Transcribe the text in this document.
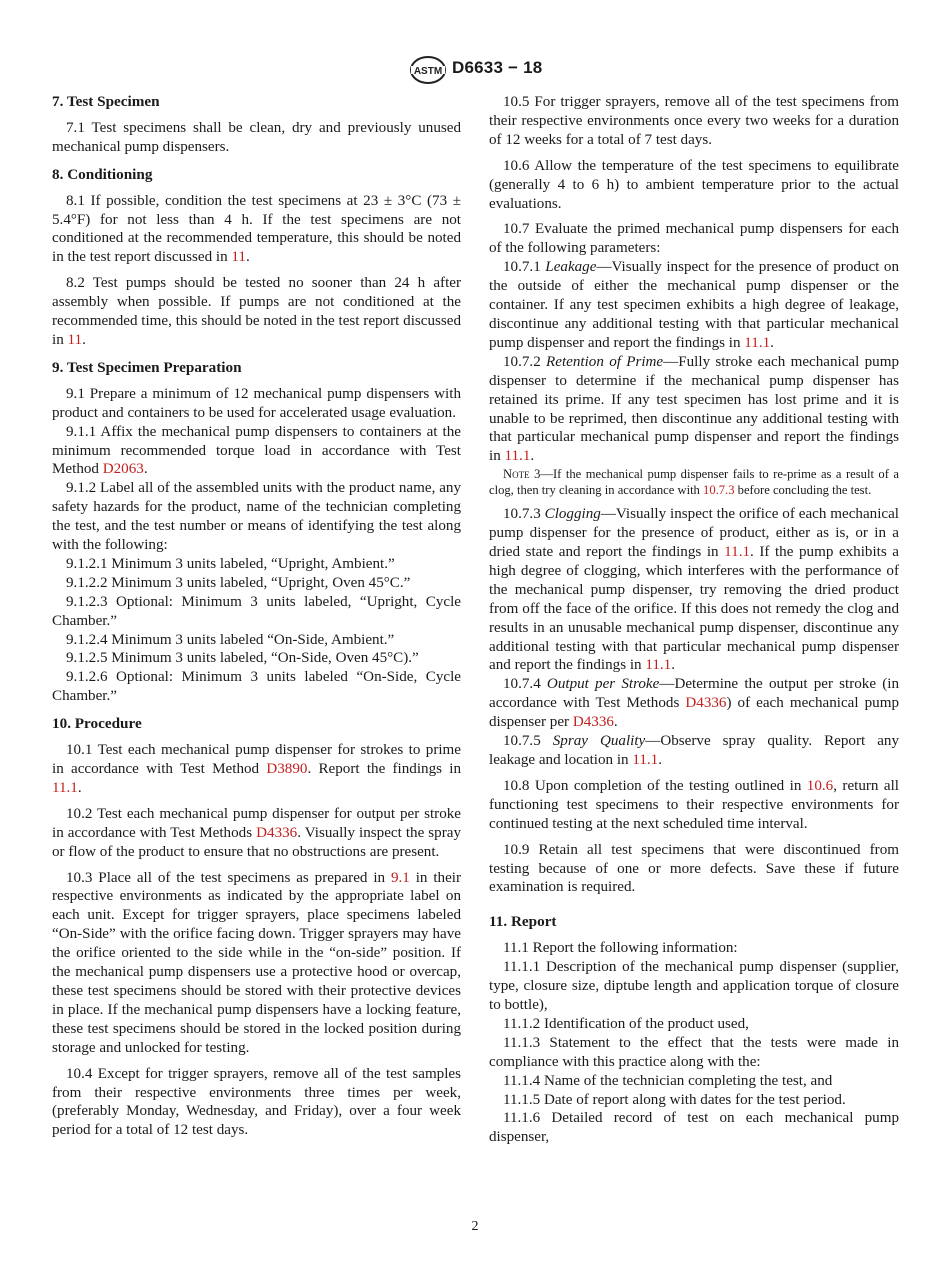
ASTM D6633 − 18

7. Test Specimen

7.1 Test specimens shall be clean, dry and previously unused mechanical pump dispensers.

8. Conditioning

8.1 If possible, condition the test specimens at 23 ± 3°C (73 ± 5.4°F) for not less than 4 h. If the test specimens are not conditioned at the recommended temperature, this should be noted in the test report discussed in 11.

8.2 Test pumps should be tested no sooner than 24 h after assembly when possible. If pumps are not conditioned at the recommended time, this should be noted in the test report discussed in 11.

9. Test Specimen Preparation

9.1 Prepare a minimum of 12 mechanical pump dispensers with product and containers to be used for accelerated usage evaluation.

9.1.1 Affix the mechanical pump dispensers to containers at the minimum recommended torque load in accordance with Test Method D2063.

9.1.2 Label all of the assembled units with the product name, any safety hazards for the product, name of the technician completing the test, and the test number or means of identifying the test along with the following:

9.1.2.1 Minimum 3 units labeled, “Upright, Ambient.”

9.1.2.2 Minimum 3 units labeled, “Upright, Oven 45°C.”

9.1.2.3 Optional: Minimum 3 units labeled, “Upright, Cycle Chamber.”

9.1.2.4 Minimum 3 units labeled “On-Side, Ambient.”

9.1.2.5 Minimum 3 units labeled, “On-Side, Oven 45°C).”

9.1.2.6 Optional: Minimum 3 units labeled “On-Side, Cycle Chamber.”

10. Procedure

10.1 Test each mechanical pump dispenser for strokes to prime in accordance with Test Method D3890. Report the findings in 11.1.

10.2 Test each mechanical pump dispenser for output per stroke in accordance with Test Methods D4336. Visually inspect the spray or flow of the product to ensure that no obstructions are present.

10.3 Place all of the test specimens as prepared in 9.1 in their respective environments as indicated by the appropriate label on each unit. Except for trigger sprayers, place specimens labeled “On-Side” with the orifice facing down. Trigger sprayers may have the orifice oriented to the side while in the “on-side” position. If the mechanical pump dispensers use a protective hood or overcap, these test specimens should be stored with their protective devices in place. If the mechanical pump dispensers have a locking feature, these test specimens should be stored in the locked position during storage and unlocked for testing.

10.4 Except for trigger sprayers, remove all of the test samples from their respective environments three times per week, (preferably Monday, Wednesday, and Friday), over a four week period for a total of 12 test days.

10.5 For trigger sprayers, remove all of the test specimens from their respective environments once every two weeks for a duration of 12 weeks for a total of 7 test days.

10.6 Allow the temperature of the test specimens to equilibrate (generally 4 to 6 h) to ambient temperature prior to the actual evaluations.

10.7 Evaluate the primed mechanical pump dispensers for each of the following parameters:

10.7.1 Leakage—Visually inspect for the presence of product on the outside of either the mechanical pump dispenser or the container. If any test specimen exhibits a high degree of leakage, discontinue any additional testing with that particular mechanical pump dispenser and report the findings in 11.1.

10.7.2 Retention of Prime—Fully stroke each mechanical pump dispenser to determine if the mechanical pump dispenser has retained its prime. If any test specimen has lost prime and it is unable to be reprimed, then discontinue any additional testing with that particular mechanical pump dispenser and report the findings in 11.1.

Note 3—If the mechanical pump dispenser fails to re-prime as a result of a clog, then try cleaning in accordance with 10.7.3 before concluding the test.

10.7.3 Clogging—Visually inspect the orifice of each mechanical pump dispenser for the presence of product, either as is, or in a dried state and report the findings in 11.1. If the pump exhibits a high degree of clogging, which interferes with the performance of the mechanical pump dispenser, try removing the dried product from off the face of the orifice. If this does not remedy the clog and results in an unusable mechanical pump dispenser, discontinue any additional testing with that particular mechanical pump dispenser and report the findings in 11.1.

10.7.4 Output per Stroke—Determine the output per stroke (in accordance with Test Methods D4336) of each mechanical pump dispenser per D4336.

10.7.5 Spray Quality—Observe spray quality. Report any leakage and location in 11.1.

10.8 Upon completion of the testing outlined in 10.6, return all functioning test specimens to their respective environments for continued testing at the next scheduled time interval.

10.9 Retain all test specimens that were discontinued from testing because of one or more defects. Save these if future examination is required.

11. Report

11.1 Report the following information:

11.1.1 Description of the mechanical pump dispenser (supplier, type, closure size, diptube length and application torque of closure to bottle),

11.1.2 Identification of the product used,

11.1.3 Statement to the effect that the tests were made in compliance with this practice along with the:

11.1.4 Name of the technician completing the test, and

11.1.5 Date of report along with dates for the test period.

11.1.6 Detailed record of test on each mechanical pump dispenser,

2
